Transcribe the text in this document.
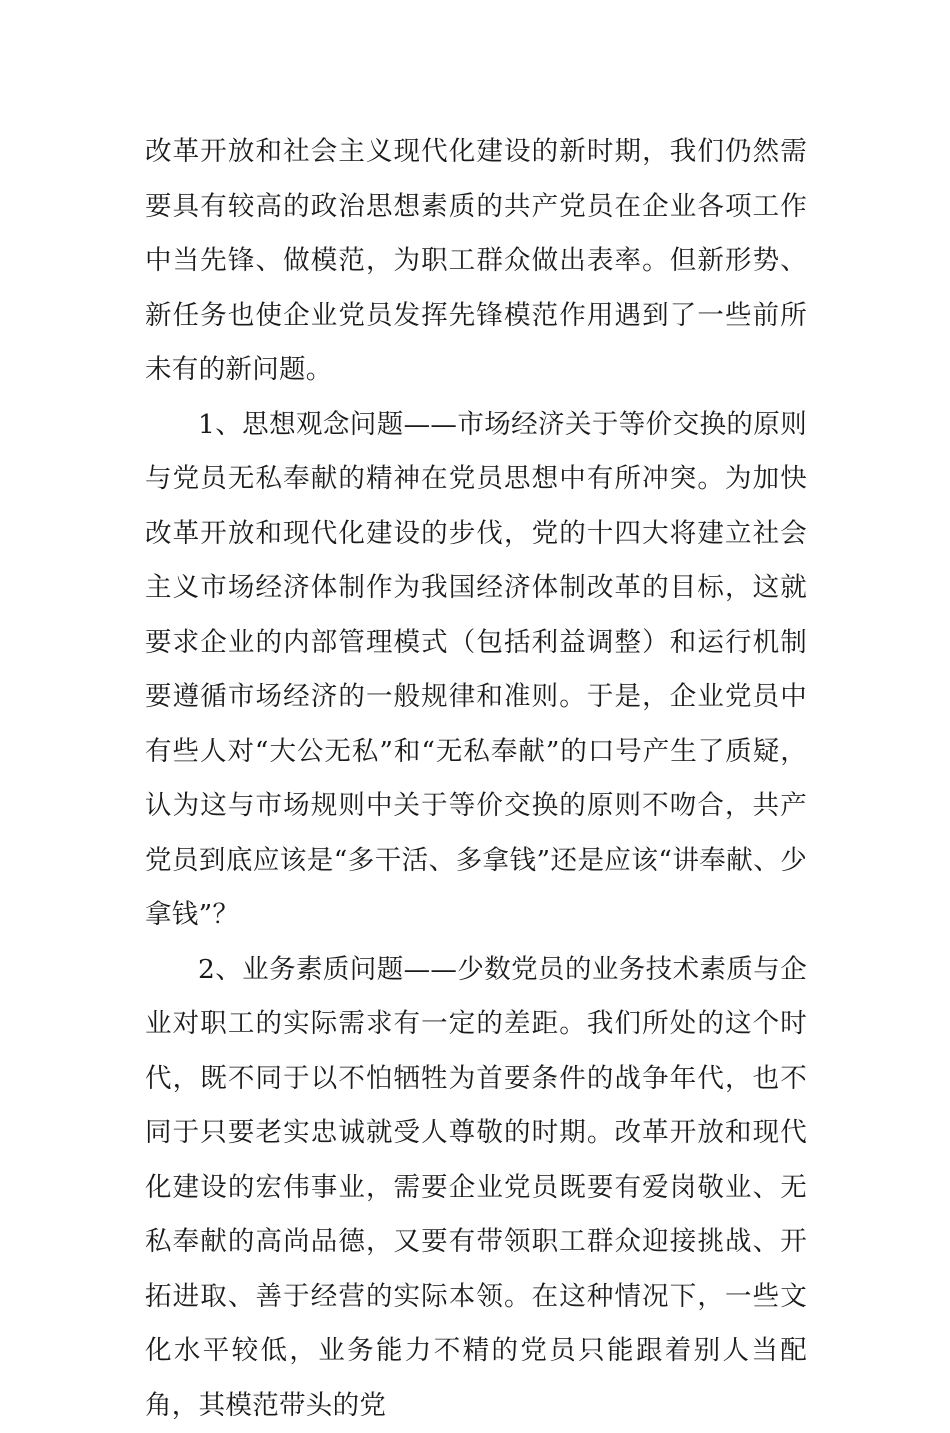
改革开放和社会主义现代化建设的新时期，我们仍然需要具有较高的政治思想素质的共产党员在企业各项工作中当先锋、做模范，为职工群众做出表率。但新形势、新任务也使企业党员发挥先锋模范作用遇到了一些前所未有的新问题。

1、思想观念问题——市场经济关于等价交换的原则与党员无私奉献的精神在党员思想中有所冲突。为加快改革开放和现代化建设的步伐，党的十四大将建立社会主义市场经济体制作为我国经济体制改革的目标，这就要求企业的内部管理模式（包括利益调整）和运行机制要遵循市场经济的一般规律和准则。于是，企业党员中有些人对“大公无私”和“无私奉献”的口号产生了质疑，认为这与市场规则中关于等价交换的原则不吻合，共产党员到底应该是“多干活、多拿钱”还是应该“讲奉献、少拿钱”？

2、业务素质问题——少数党员的业务技术素质与企业对职工的实际需求有一定的差距。我们所处的这个时代，既不同于以不怕牺牲为首要条件的战争年代，也不同于只要老实忠诚就受人尊敬的时期。改革开放和现代化建设的宏伟事业，需要企业党员既要有爱岗敬业、无私奉献的高尚品德，又要有带领职工群众迎接挑战、开拓进取、善于经营的实际本领。在这种情况下，一些文化水平较低，业务能力不精的党员只能跟着别人当配角，其模范带头的党
